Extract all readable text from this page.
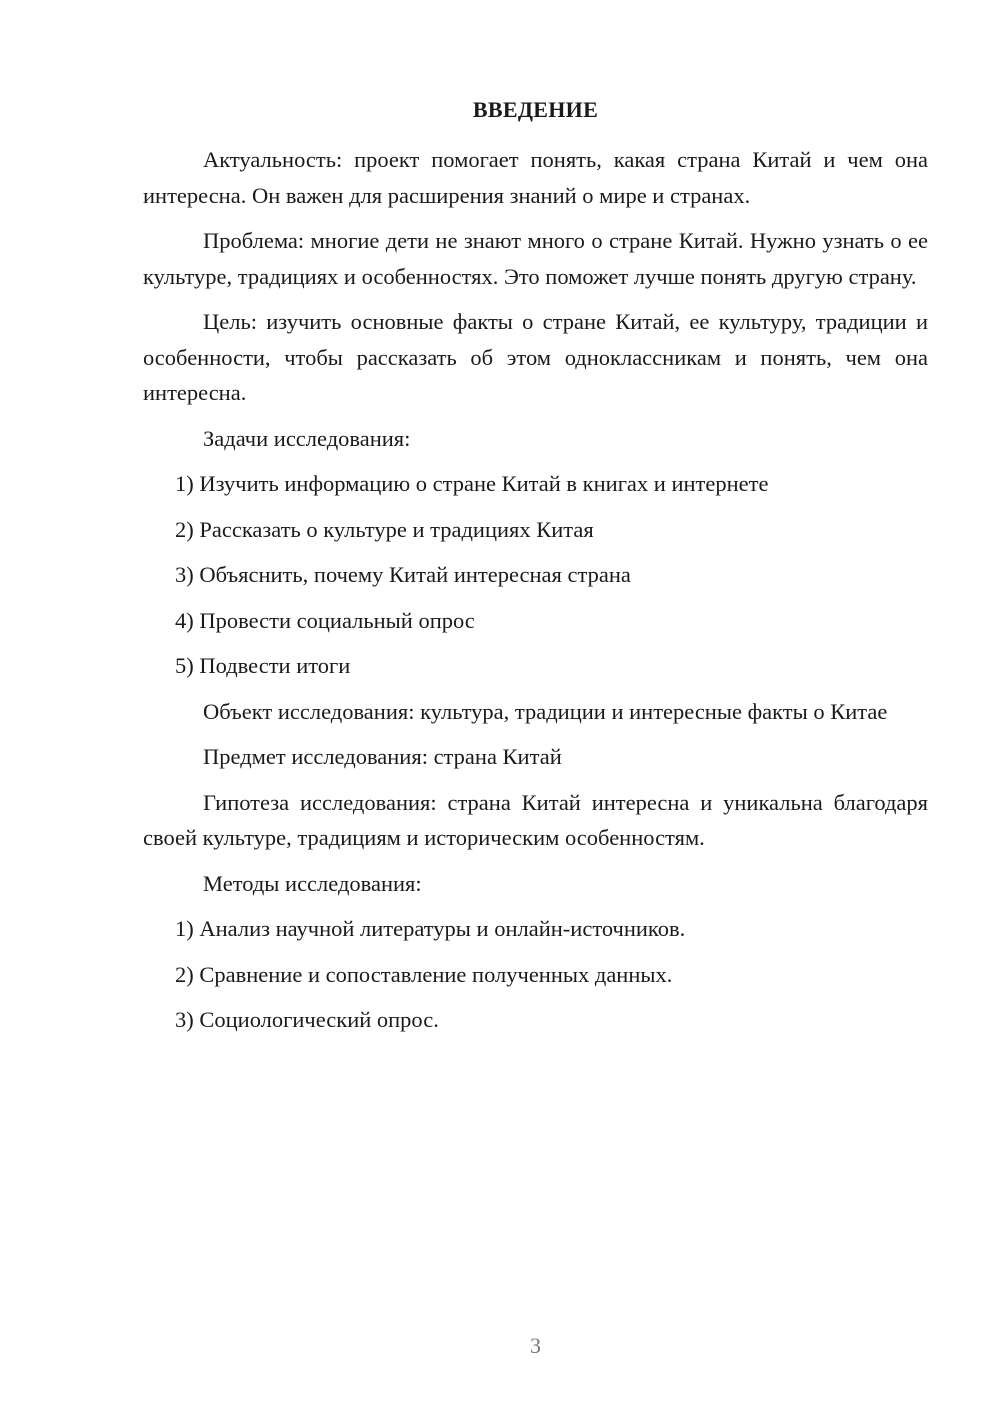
ВВЕДЕНИЕ

Актуальность: проект помогает понять, какая страна Китай и чем она интересна. Он важен для расширения знаний о мире и странах.

Проблема: многие дети не знают много о стране Китай. Нужно узнать о ее культуре, традициях и особенностях. Это поможет лучше понять другую страну.

Цель: изучить основные факты о стране Китай, ее культуру, традиции и особенности, чтобы рассказать об этом одноклассникам и понять, чем она интересна.

Задачи исследования:

1) Изучить информацию о стране Китай в книгах и интернете

2) Рассказать о культуре и традициях Китая

3) Объяснить, почему Китай интересная страна

4) Провести социальный опрос

5) Подвести итоги

Объект исследования: культура, традиции и интересные факты о Китае

Предмет исследования: страна Китай

Гипотеза исследования: страна Китай интересна и уникальна благодаря своей культуре, традициям и историческим особенностям.

Методы исследования:

1) Анализ научной литературы и онлайн-источников.

2) Сравнение и сопоставление полученных данных.

3) Социологический опрос.

3
